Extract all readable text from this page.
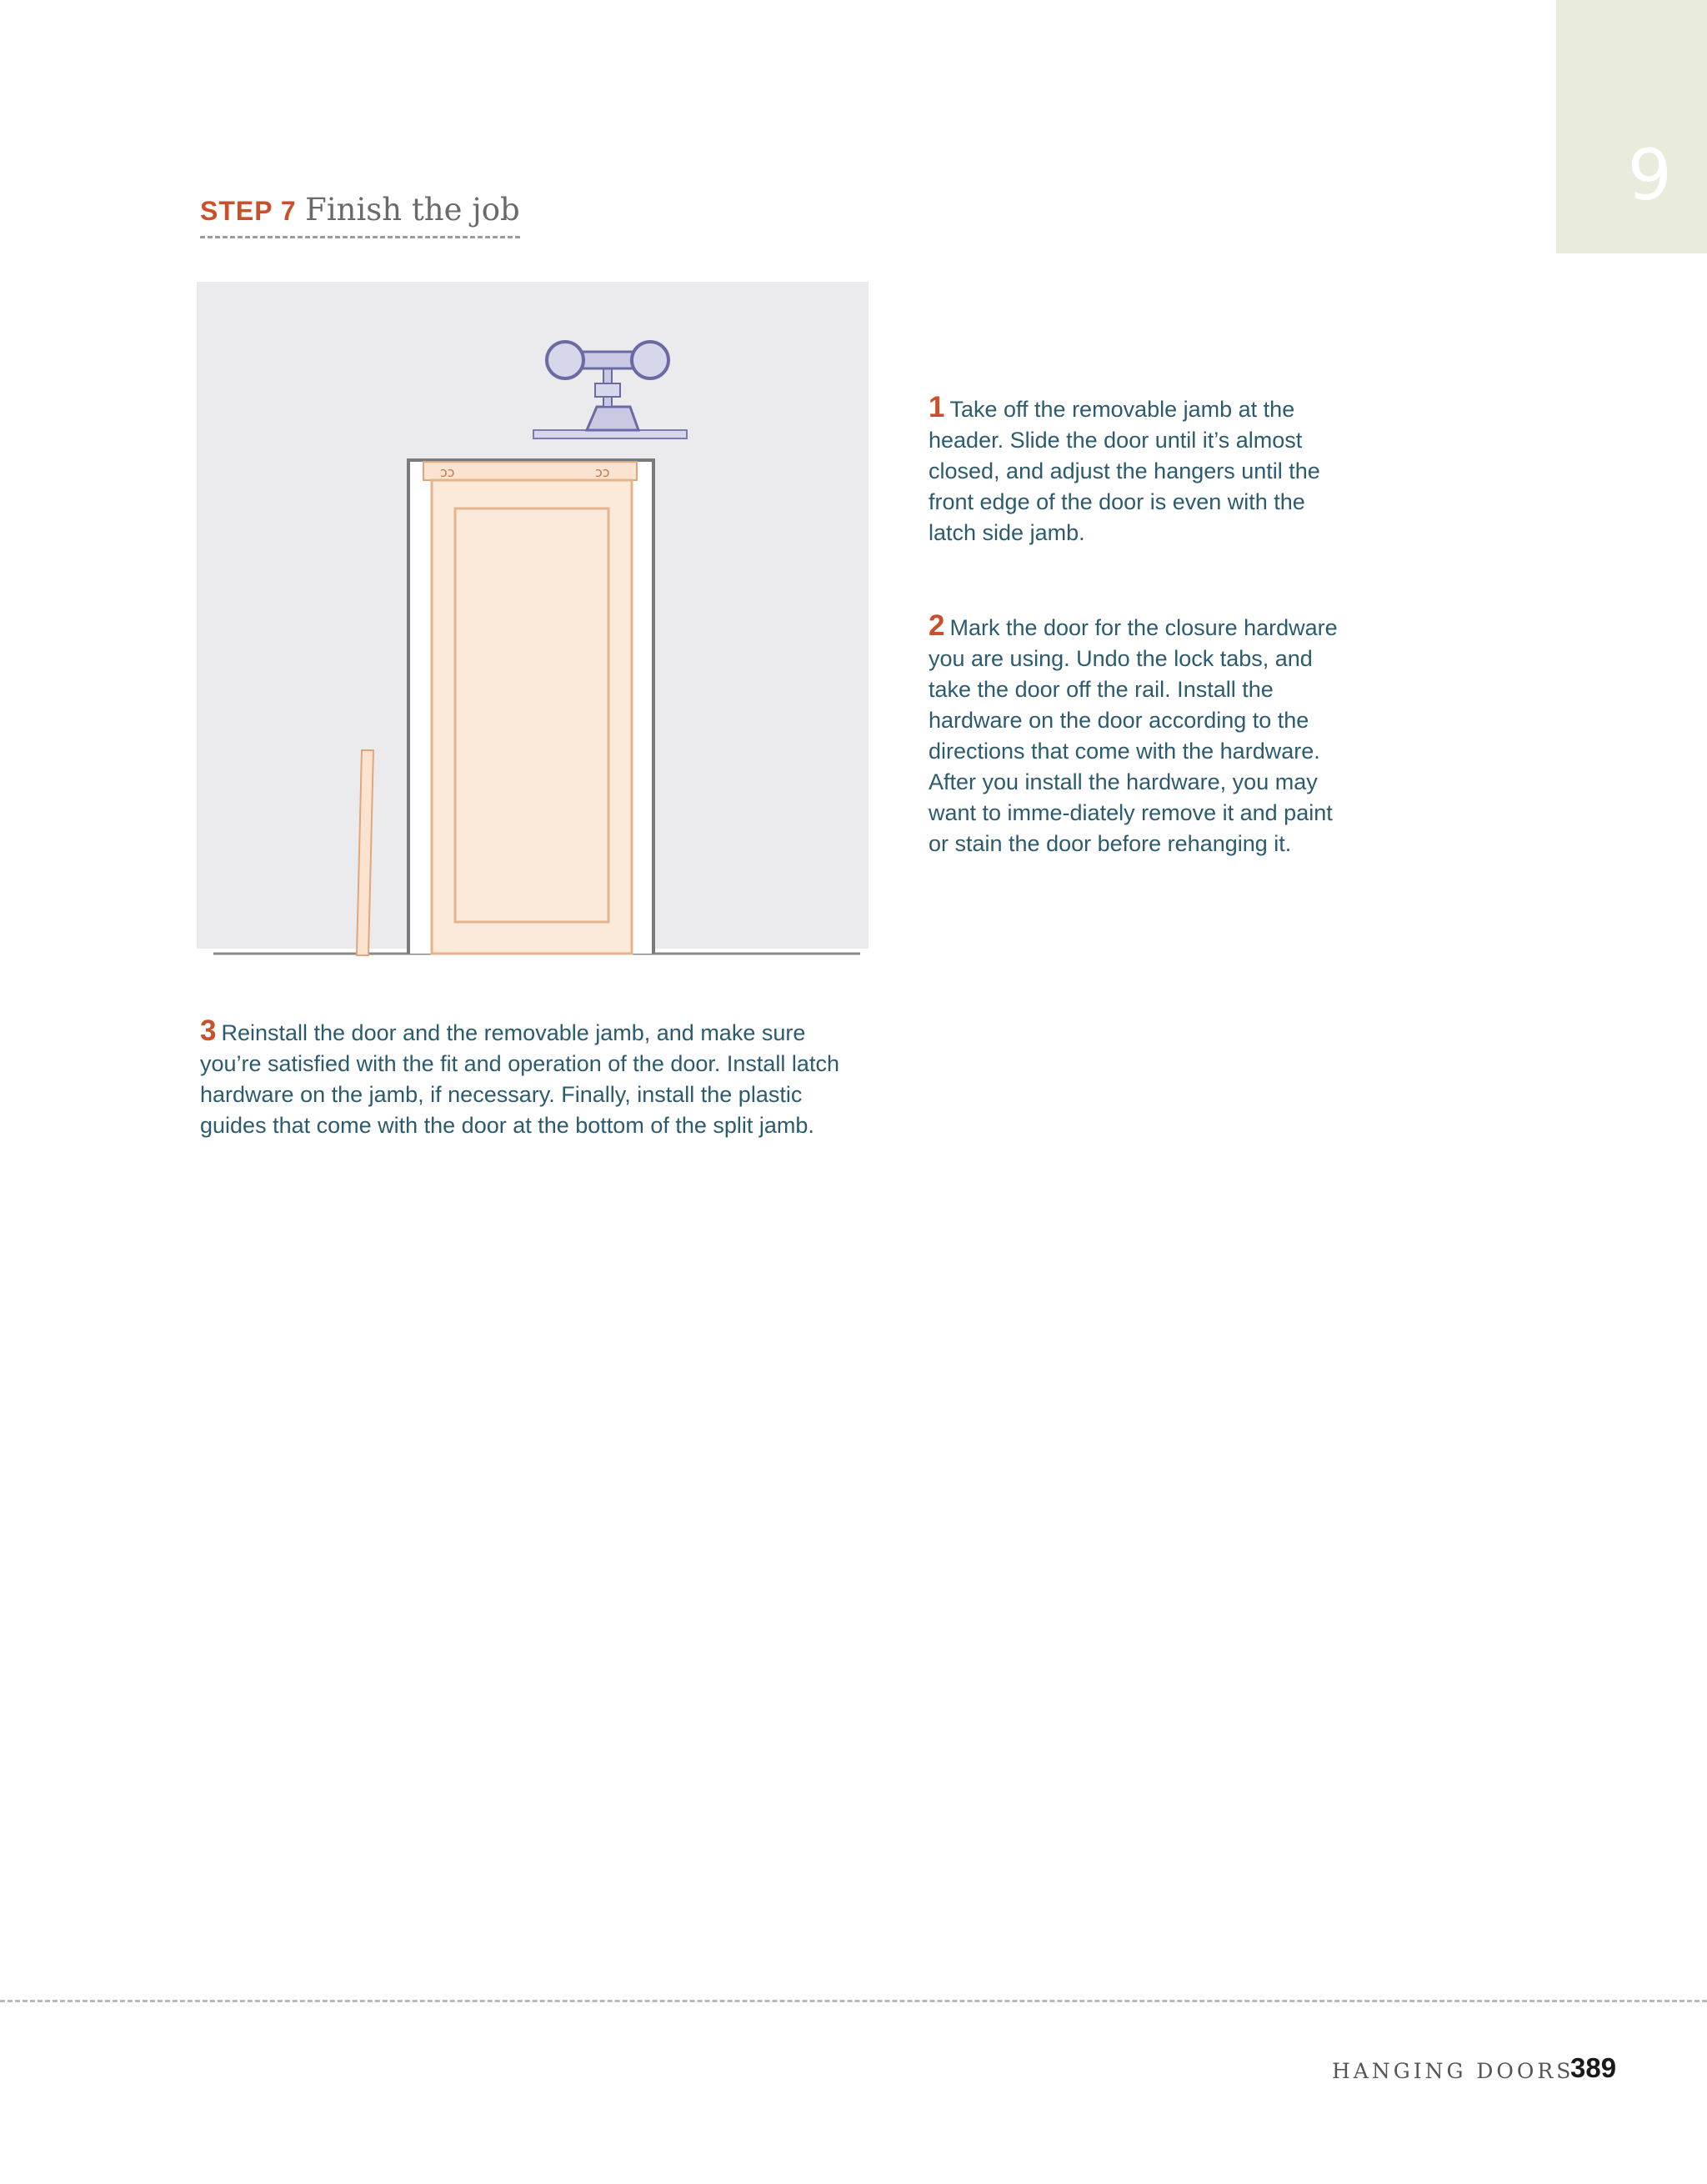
9
STEP 7 Finish the job
ↄↄ	ↄↄ

1 Take off the removable jamb at the header. Slide the door until it’s almost closed, and adjust the hangers until the front edge of the door is even with the latch side jamb.

2 Mark the door for the closure hardware you are using. Undo the lock tabs, and take the door off the rail. Install the hardware on the door according to the directions that come with the hardware. After you install the hardware, you may want to imme-diately remove it and paint or stain the door before rehanging it.

3 Reinstall the door and the removable jamb, and make sure you’re satisfied with the fit and operation of the door. Install latch hardware on the jamb, if necessary. Finally, install the plastic guides that come with the door at the bottom of the split jamb.

HANGING DOORS
389
